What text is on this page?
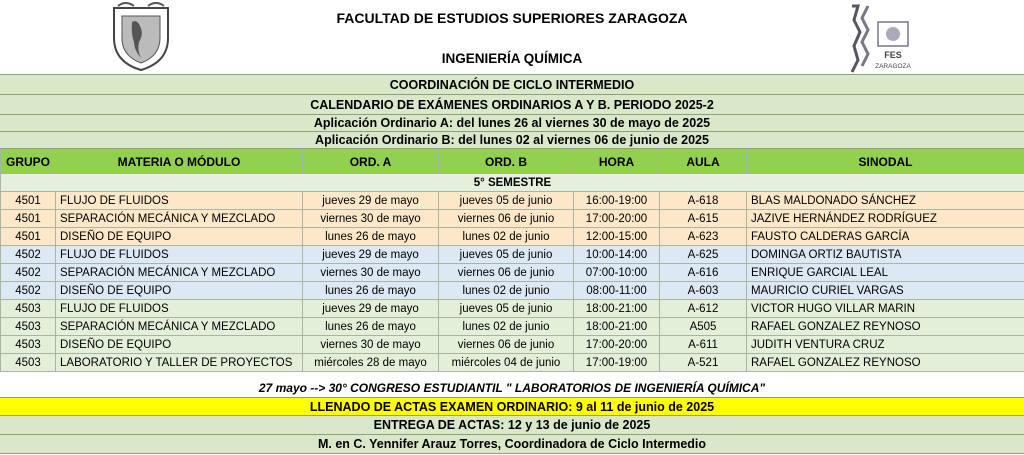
FACULTAD DE ESTUDIOS SUPERIORES ZARAGOZA
INGENIERÍA QUÍMICA	FES
ZARAGOZA
COORDINACIÓN DE CICLO INTERMEDIO
CALENDARIO DE EXÁMENES ORDINARIOS A Y B. PERIODO 2025-2
Aplicación Ordinario A: del lunes 26 al viernes 30 de mayo de 2025
Aplicación Ordinario B: del lunes 02 al viernes 06 de junio de 2025
GRUPO	MATERIA O MÓDULO	ORD. A	ORD. B	HORA	AULA	SINODAL
5° SEMESTRE						
4501	FLUJO DE FLUIDOS	jueves 29 de mayo	jueves 05 de junio	16:00-19:00	A-618	BLAS MALDONADO SÁNCHEZ
4501	SEPARACIÓN MECÁNICA Y MEZCLADO	viernes 30 de mayo	viernes 06 de junio	17:00-20:00	A-615	JAZIVE HERNÁNDEZ RODRÍGUEZ
4501	DISEÑO DE EQUIPO	lunes 26 de mayo	lunes 02 de junio	12:00-15:00	A-623	FAUSTO CALDERAS GARCÍA
4502	FLUJO DE FLUIDOS	jueves 29 de mayo	jueves 05 de junio	10:00-14:00	A-625	DOMINGA ORTIZ BAUTISTA
4502	SEPARACIÓN MECÁNICA Y MEZCLADO	viernes 30 de mayo	viernes 06 de junio	07:00-10:00	A-616	ENRIQUE GARCIAL LEAL
4502	DISEÑO DE EQUIPO	lunes 26 de mayo	lunes 02 de junio	08:00-11:00	A-603	MAURICIO CURIEL VARGAS
4503	FLUJO DE FLUIDOS	jueves 29 de mayo	jueves 05 de junio	18:00-21:00	A-612	VICTOR HUGO VILLAR MARIN
4503	SEPARACIÓN MECÁNICA Y MEZCLADO	lunes 26 de mayo	lunes 02 de junio	18:00-21:00	A505	RAFAEL GONZALEZ REYNOSO
4503	DISEÑO DE EQUIPO	viernes 30 de mayo	viernes 06 de junio	17:00-20:00	A-611	JUDITH VENTURA CRUZ
4503	LABORATORIO Y TALLER DE PROYECTOS	miércoles 28 de mayo	miércoles 04 de junio	17:00-19:00	A-521	RAFAEL GONZALEZ REYNOSO
27 mayo --> 30° CONGRESO ESTUDIANTIL " LABORATORIOS DE INGENIERÍA QUÍMICA"
LLENADO DE ACTAS EXAMEN ORDINARIO: 9 al 11 de junio de 2025
ENTREGA DE ACTAS: 12 y 13 de junio de 2025
M. en C. Yennifer Arauz Torres, Coordinadora de Ciclo Intermedio
